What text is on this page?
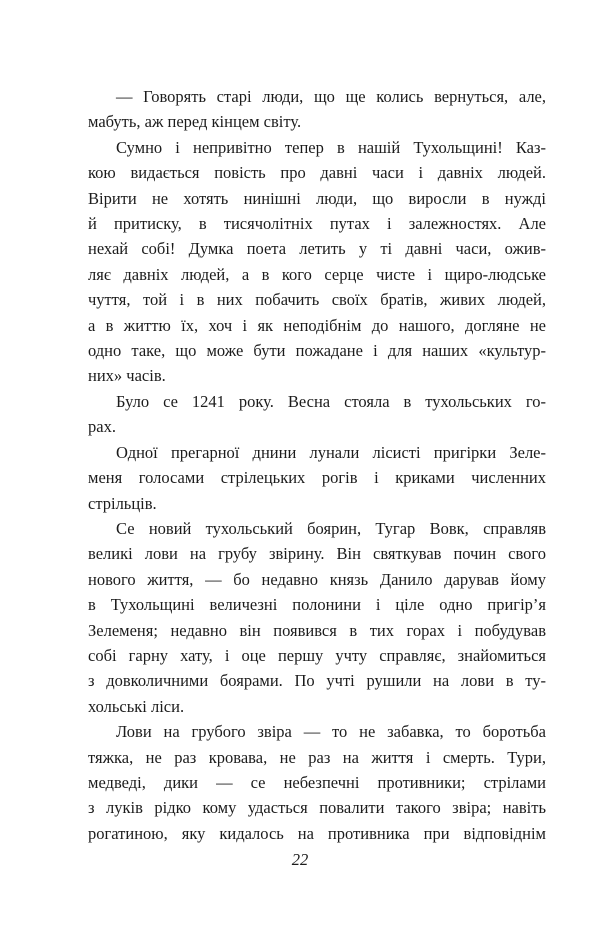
— Говорять старі люди, що ще колись вернуться, але,
мабуть, аж перед кінцем світу.
Сумно і непривітно тепер в нашій Тухольщині! Каз-
кою видається повість про давні часи і давніх людей.
Вірити не хотять нинішні люди, що виросли в нужді
й притиску, в тисячолітніх путах і залежностях. Але
нехай собі! Думка поета летить у ті давні часи, ожив-
ляє давніх людей, а в кого серце чисте і щиро-людське
чуття, той і в них побачить своїх братів, живих людей,
а в життю їх, хоч і як неподібнім до нашого, догляне не
одно таке, що може бути пожадане і для наших «культур-
них» часів.
Було се 1241 року. Весна стояла в тухольських го-
рах.
Одної прегарної днини лунали лісисті пригірки Зеле-
меня голосами стрілецьких рогів і криками численних
стрільців.
Се новий тухольський боярин, Тугар Вовк, справляв
великі лови на грубу звірину. Він святкував почин свого
нового життя, — бо недавно князь Данило дарував йому
в Тухольщині величезні полонини і ціле одно пригір’я
Зелеменя; недавно він появився в тих горах і побудував
собі гарну хату, і оце першу учту справляє, знайомиться
з довколичними боярами. По учті рушили на лови в ту-
хольські ліси.
Лови на грубого звіра — то не забавка, то боротьба
тяжка, не раз кровава, не раз на життя і смерть. Тури,
медведі, дики — се небезпечні противники; стрілами
з луків рідко кому удасться повалити такого звіра; навіть
рогатиною, яку кидалось на противника при відповіднім
22
